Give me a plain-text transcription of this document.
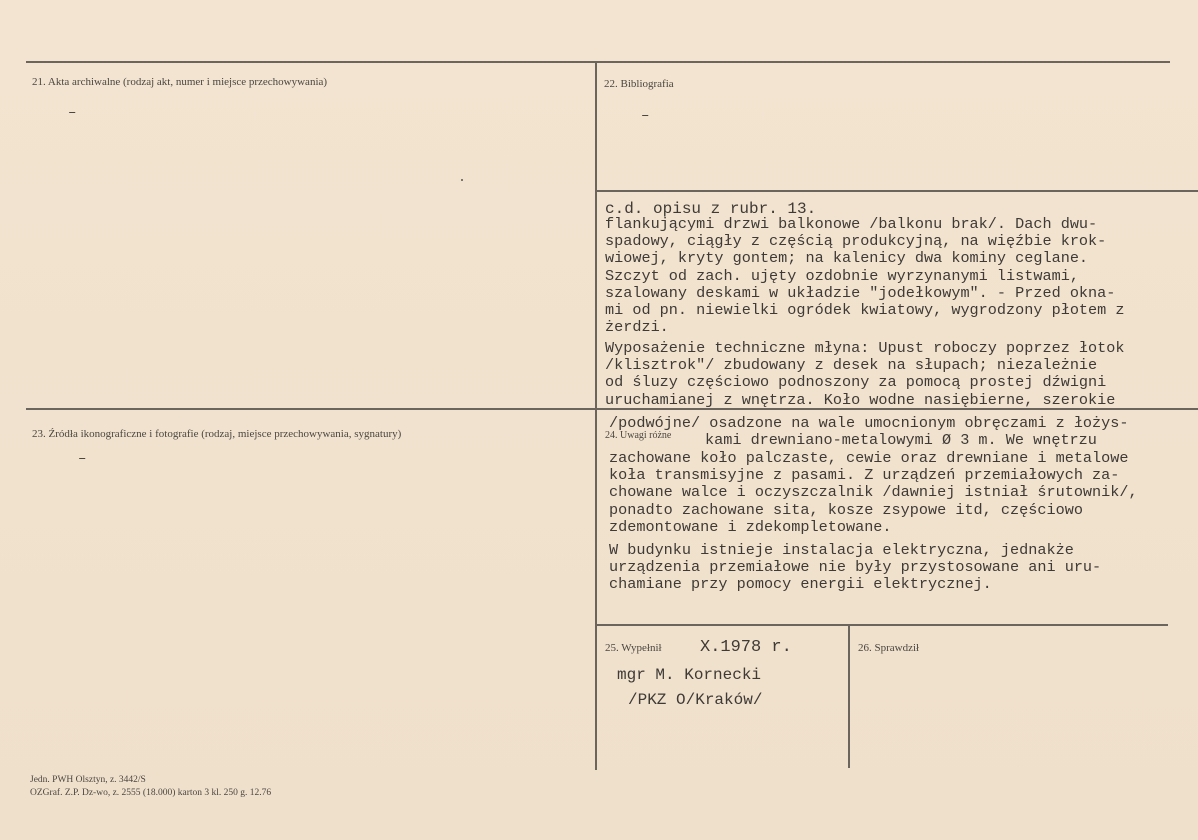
21. Akta archiwalne (rodzaj akt, numer i miejsce przechowywania)
–
22. Bibliografia
–
23. Źródła ikonograficzne i fotografie (rodzaj, miejsce przechowywania, sygnatury)
–
c.d. opisu z rubr. 13.
flankującymi drzwi balkonowe /balkonu brak/. Dach dwu-
spadowy, ciągły z częścią produkcyjną, na więźbie krok-
wiowej, kryty gontem; na kalenicy dwa kominy ceglane.
Szczyt od zach. ujęty ozdobnie wyrzynanymi listwami,
szalowany deskami w układzie "jodełkowym". - Przed okna-
mi od pn. niewielki ogródek kwiatowy, wygrodzony płotem z
żerdzi.
Wyposażenie techniczne młyna: Upust roboczy poprzez łotok
/klisztrok"/ zbudowany z desek na słupach; niezależnie
od śluzy częściowo podnoszony za pomocą prostej dźwigni
uruchamianej z wnętrza. Koło wodne nasiębierne, szerokie
/podwójne/ osadzone na wale umocnionym obręczami z łożys-
24. Uwagi różne kami drewniano-metalowymi Ø 3 m. We wnętrzu
zachowane koło palczaste, cewie oraz drewniane i metalowe
koła transmisyjne z pasami. Z urządzeń przemiałowych za-
chowane walce i oczyszczalnik /dawniej istniał śrutownik/,
ponadto zachowane sita, kosze zsypowe itd, częściowo
zdemontowane i zdekompletowane.
W budynku istnieje instalacja elektryczna, jednakże
urządzenia przemiałowe nie były przystosowane ani uru-
chamiane przy pomocy energii elektrycznej.
25. Wypełnił X.1978 r.
mgr M. Kornecki
/PKZ O/Kraków/
26. Sprawdził
Jedn. PWH Olsztyn, z. 3442/S
OZGraf. Z.P. Dz-wo, z. 2555 (18.000) karton 3 kl. 250 g. 12.76
